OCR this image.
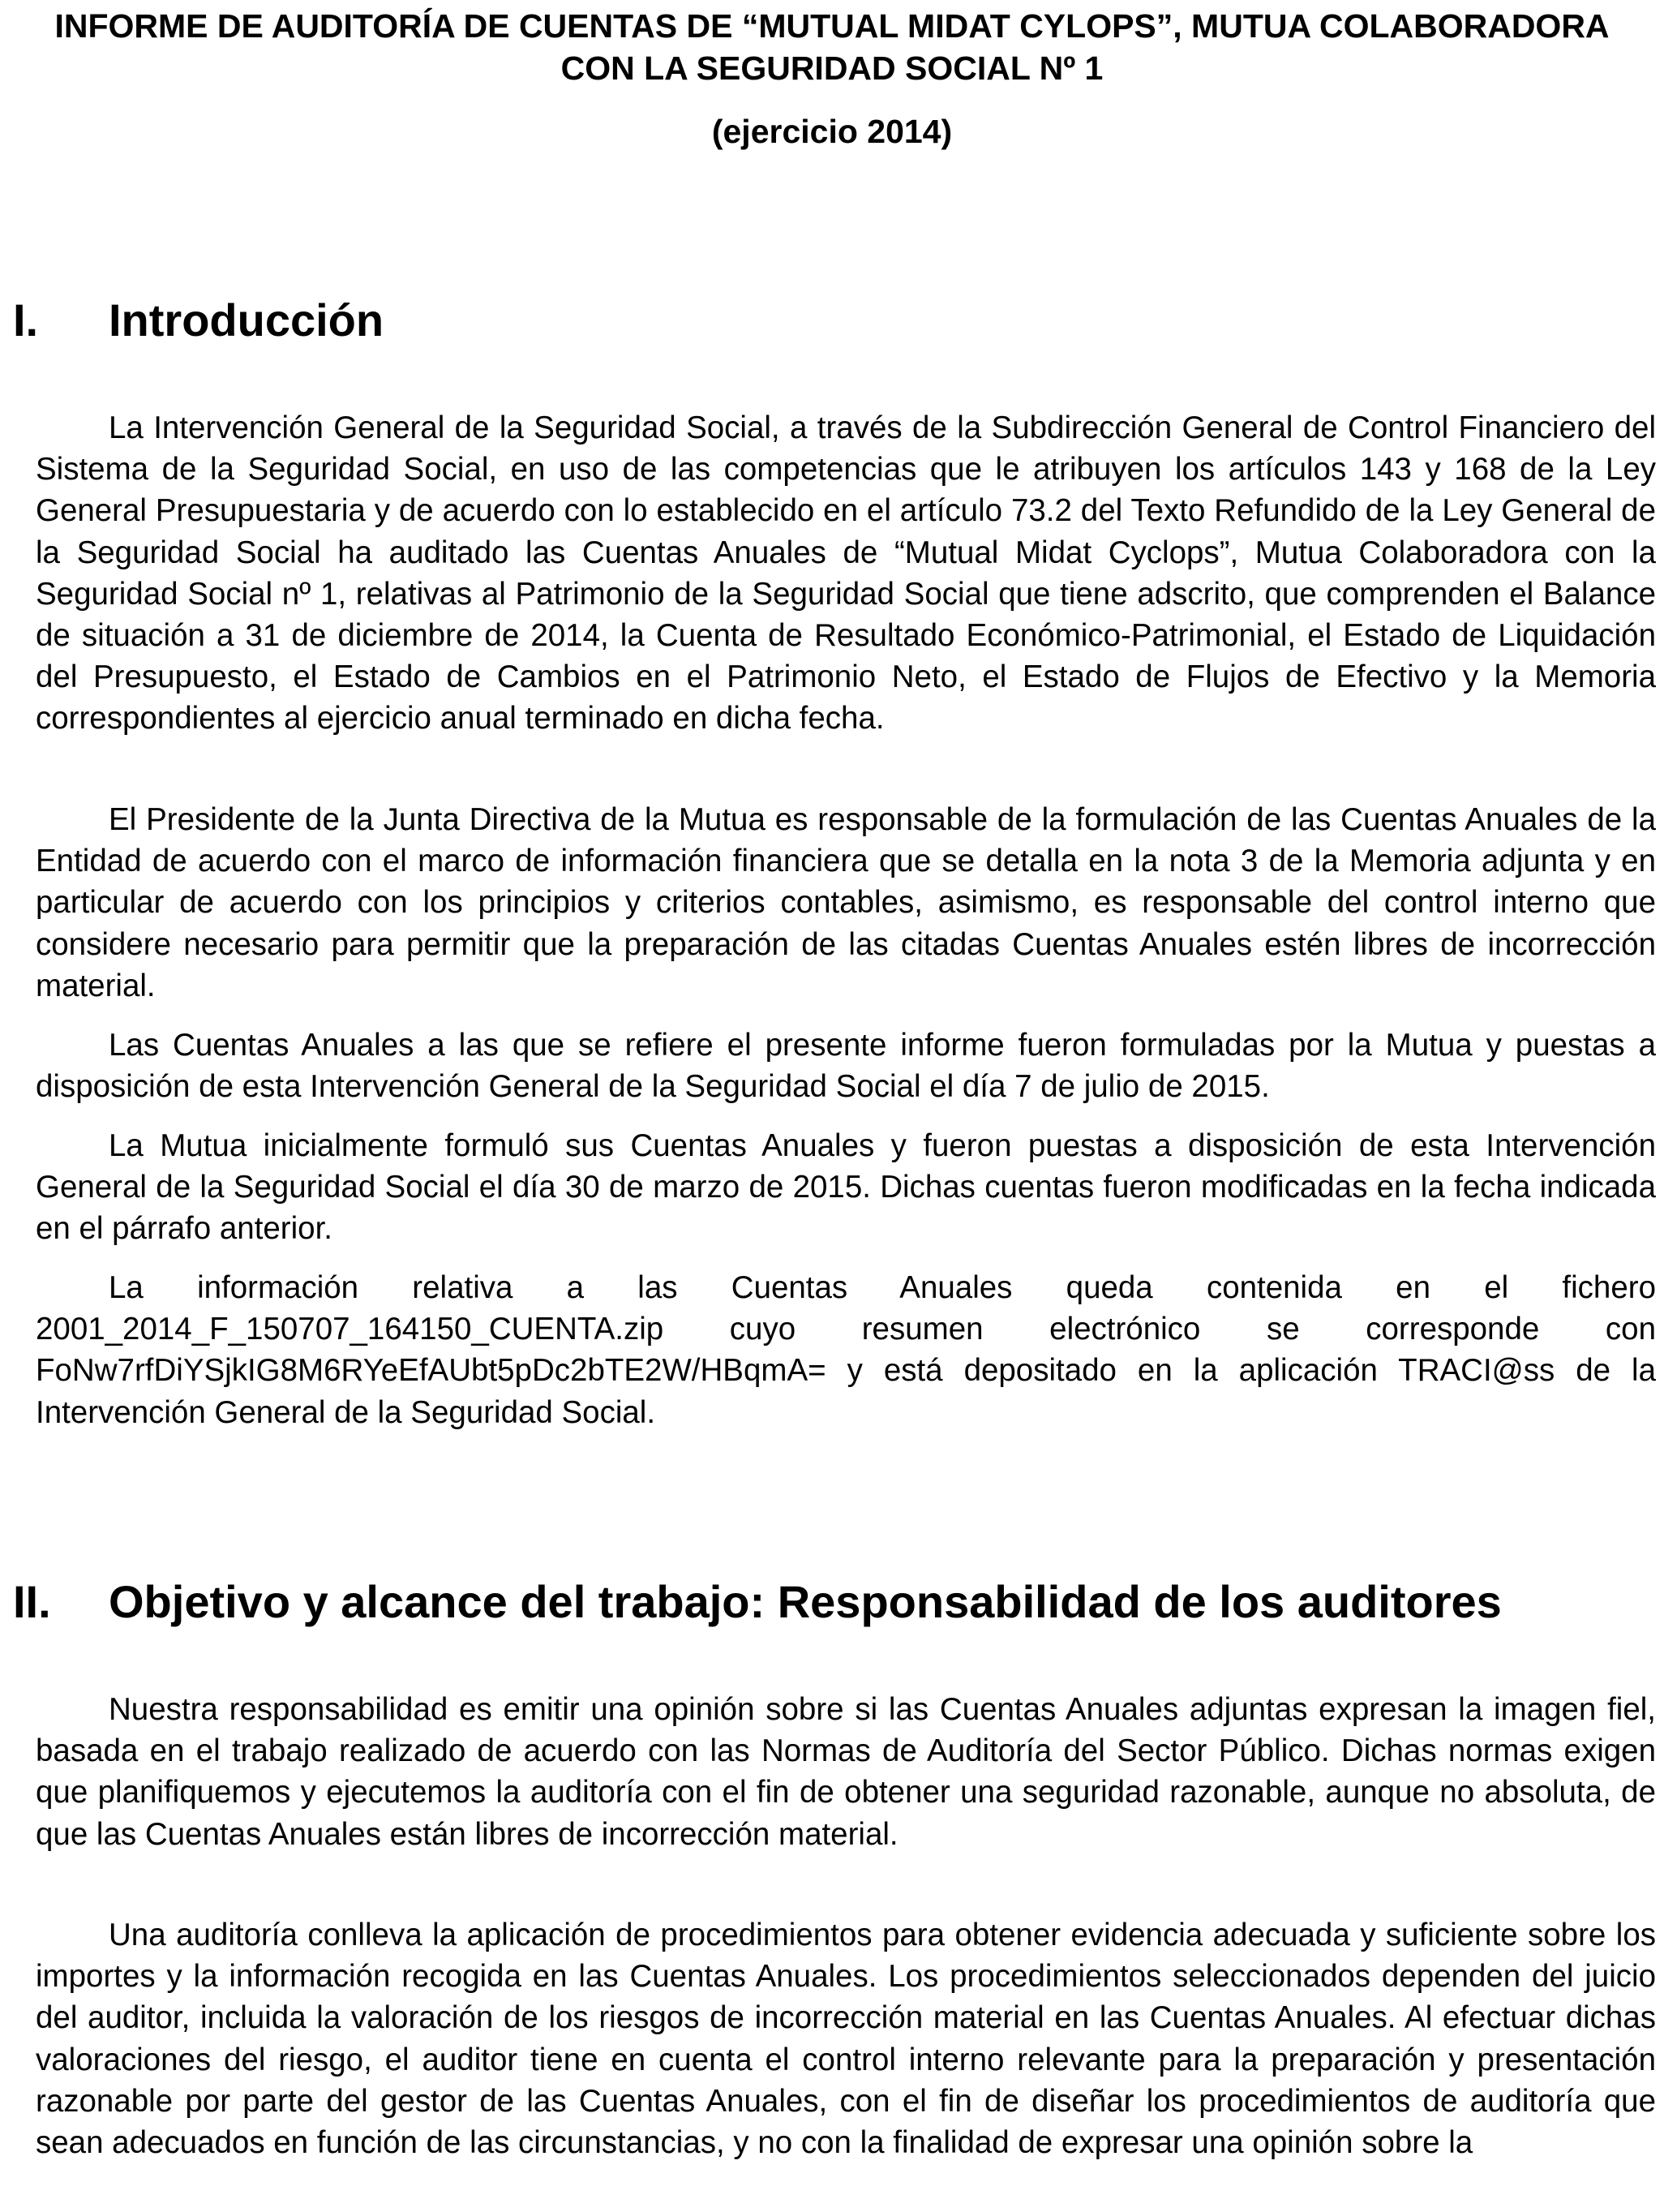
INFORME DE AUDITORÍA DE CUENTAS DE “MUTUAL MIDAT CYLOPS”, MUTUA COLABORADORA CON LA SEGURIDAD SOCIAL Nº 1
(ejercicio 2014)
I. Introducción

La Intervención General de la Seguridad Social, a través de la Subdirección General de Control Financiero del Sistema de la Seguridad Social, en uso de las competencias que le atribuyen los artículos 143 y 168 de la Ley General Presupuestaria y de acuerdo con lo establecido en el artículo 73.2 del Texto Refundido de la Ley General de la Seguridad Social ha auditado las Cuentas Anuales de “Mutual Midat Cyclops”, Mutua Colaboradora con la Seguridad Social nº 1, relativas al Patrimonio de la Seguridad Social que tiene adscrito, que comprenden el Balance de situación a 31 de diciembre de 2014, la Cuenta de Resultado Económico-Patrimonial, el Estado de Liquidación del Presupuesto, el Estado de Cambios en el Patrimonio Neto, el Estado de Flujos de Efectivo y la Memoria correspondientes al ejercicio anual terminado en dicha fecha.

El Presidente de la Junta Directiva de la Mutua es responsable de la formulación de las Cuentas Anuales de la Entidad de acuerdo con el marco de información financiera que se detalla en la nota 3 de la Memoria adjunta y en particular de acuerdo con los principios y criterios contables, asimismo, es responsable del control interno que considere necesario para permitir que la preparación de las citadas Cuentas Anuales estén libres de incorrección material.

Las Cuentas Anuales a las que se refiere el presente informe fueron formuladas por la Mutua y puestas a disposición de esta Intervención General de la Seguridad Social el día 7 de julio de 2015.

La Mutua inicialmente formuló sus Cuentas Anuales y fueron puestas a disposición de esta Intervención General de la Seguridad Social el día 30 de marzo de 2015. Dichas cuentas fueron modificadas en la fecha indicada en el párrafo anterior.

La información relativa a las Cuentas Anuales queda contenida en el fichero 2001_2014_F_150707_164150_CUENTA.zip cuyo resumen electrónico se corresponde con FoNw7rfDiYSjkIG8M6RYeEfAUbt5pDc2bTE2W/HBqmA= y está depositado en la aplicación TRACI@ss de la Intervención General de la Seguridad Social.

II. Objetivo y alcance del trabajo: Responsabilidad de los auditores

Nuestra responsabilidad es emitir una opinión sobre si las Cuentas Anuales adjuntas expresan la imagen fiel, basada en el trabajo realizado de acuerdo con las Normas de Auditoría del Sector Público. Dichas normas exigen que planifiquemos y ejecutemos la auditoría con el fin de obtener una seguridad razonable, aunque no absoluta, de que las Cuentas Anuales están libres de incorrección material.

Una auditoría conlleva la aplicación de procedimientos para obtener evidencia adecuada y suficiente sobre los importes y la información recogida en las Cuentas Anuales. Los procedimientos seleccionados dependen del juicio del auditor, incluida la valoración de los riesgos de incorrección material en las Cuentas Anuales. Al efectuar dichas valoraciones del riesgo, el auditor tiene en cuenta el control interno relevante para la preparación y presentación razonable por parte del gestor de las Cuentas Anuales, con el fin de diseñar los procedimientos de auditoría que sean adecuados en función de las circunstancias, y no con la finalidad de expresar una opinión sobre la
